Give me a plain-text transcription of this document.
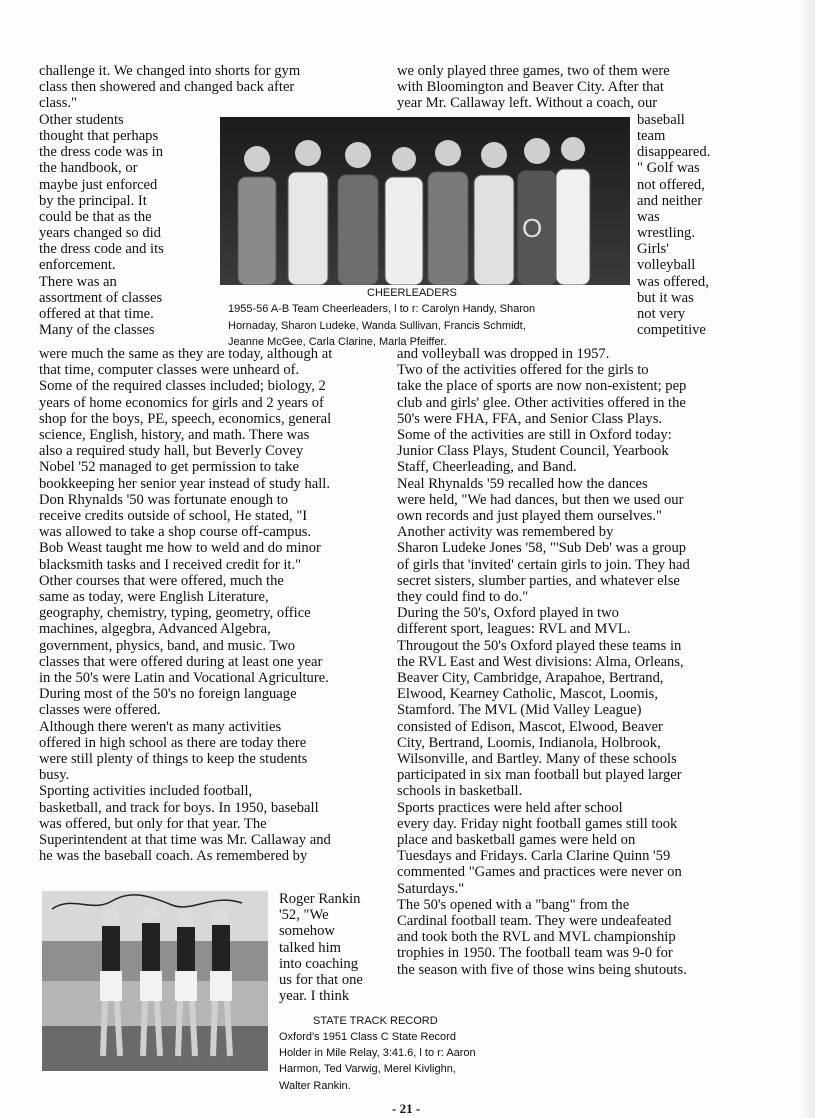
O
CHEERLEADERS
1955-56 A-B Team Cheerleaders, l to r: Carolyn Handy, Sharon
Hornaday, Sharon Ludeke, Wanda Sullivan, Francis Schmidt,
Jeanne McGee, Carla Clarine, Marla Pfeiffer.
STATE TRACK RECORD
Oxford's 1951 Class C State Record
Holder in Mile Relay, 3:41.6, l to r: Aaron
Harmon, Ted Varwig, Merel Kivlighn,
Walter Rankin.
challenge it. We changed into shorts for gym
class then showered and changed back after
class."
Other students
thought that perhaps
the dress code was in
the handbook, or
maybe just enforced
by the principal. It
could be that as the
years changed so did
the dress code and its
enforcement.
There was an
assortment of classes
offered at that time.
Many of the classes
were much the same as they are today, although at
that time, computer classes were unheard of.
Some of the required classes included; biology, 2
years of home economics for girls and 2 years of
shop for the boys, PE, speech, economics, general
science, English, history, and math. There was
also a required study hall, but Beverly Covey
Nobel '52 managed to get permission to take
bookkeeping her senior year instead of study hall.
Don Rhynalds '50 was fortunate enough to
receive credits outside of school, He stated, "I
was allowed to take a shop course off-campus.
Bob Weast taught me how to weld and do minor
blacksmith tasks and I received credit for it."
Other courses that were offered, much the
same as today, were English Literature,
geography, chemistry, typing, geometry, office
machines, algegbra, Advanced Algebra,
government, physics, band, and music. Two
classes that were offered during at least one year
in the 50's were Latin and Vocational Agriculture.
During most of the 50's no foreign language
classes were offered.
Although there weren't as many activities
offered in high school as there are today there
were still plenty of things to keep the students
busy.
Sporting activities included football,
basketball, and track for boys. In 1950, baseball
was offered, but only for that year. The
Superintendent at that time was Mr. Callaway and
he was the baseball coach. As remembered by
Roger Rankin
'52, "We
somehow
talked him
into coaching
us for that one
year. I think
we only played three games, two of them were
with Bloomington and Beaver City. After that
year Mr. Callaway left. Without a coach, our
baseball
team
disappeared.
" Golf was
not offered,
and neither
was
wrestling.
Girls'
volleyball
was offered,
but it was
not very
competitive
and volleyball was dropped in 1957.
Two of the activities offered for the girls to
take the place of sports are now non-existent; pep
club and girls' glee. Other activities offered in the
50's were FHA, FFA, and Senior Class Plays.
Some of the activities are still in Oxford today:
Junior Class Plays, Student Council, Yearbook
Staff, Cheerleading, and Band.
Neal Rhynalds '59 recalled how the dances
were held, "We had dances, but then we used our
own records and just played them ourselves."
Another activity was remembered by
Sharon Ludeke Jones '58, "'Sub Deb' was a group
of girls that 'invited' certain girls to join. They had
secret sisters, slumber parties, and whatever else
they could find to do."
During the 50's, Oxford played in two
different sport, leagues: RVL and MVL.
Througout the 50's Oxford played these teams in
the RVL East and West divisions: Alma, Orleans,
Beaver City, Cambridge, Arapahoe, Bertrand,
Elwood, Kearney Catholic, Mascot, Loomis,
Stamford. The MVL (Mid Valley League)
consisted of Edison, Mascot, Elwood, Beaver
City, Bertrand, Loomis, Indianola, Holbrook,
Wilsonville, and Bartley. Many of these schools
participated in six man football but played larger
schools in basketball.
Sports practices were held after school
every day. Friday night football games still took
place and basketball games were held on
Tuesdays and Fridays. Carla Clarine Quinn '59
commented "Games and practices were never on
Saturdays."
The 50's opened with a "bang" from the
Cardinal football team. They were undeafeated
and took both the RVL and MVL championship
trophies in 1950. The football team was 9-0 for
the season with five of those wins being shutouts.
- 21 -
